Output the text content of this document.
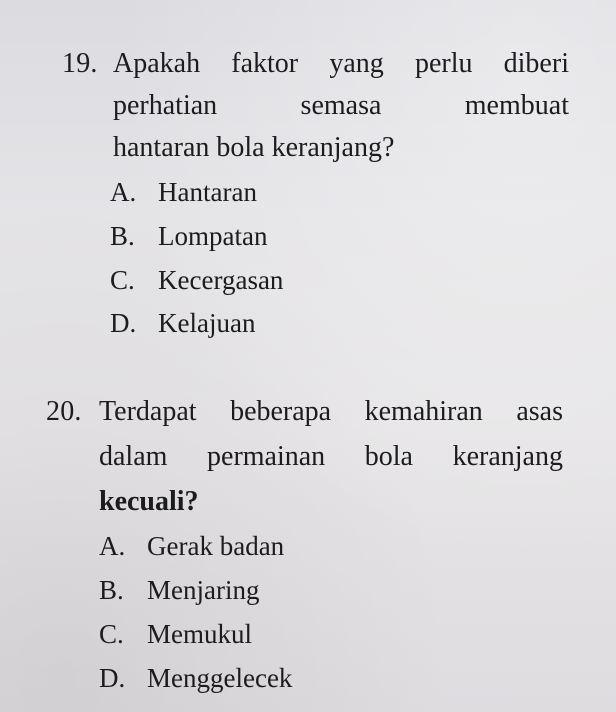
19. Apakah faktor yang perlu diberi
perhatian	semasa	membuat
hantaran bola keranjang?
A. Hantaran
B. Lompatan
C. Kecergasan
D. Kelajuan
20. Terdapat beberapa kemahiran asas
dalam permainan bola keranjang
kecuali?
A. Gerak badan
B. Menjaring
C. Memukul
D. Menggelecek
